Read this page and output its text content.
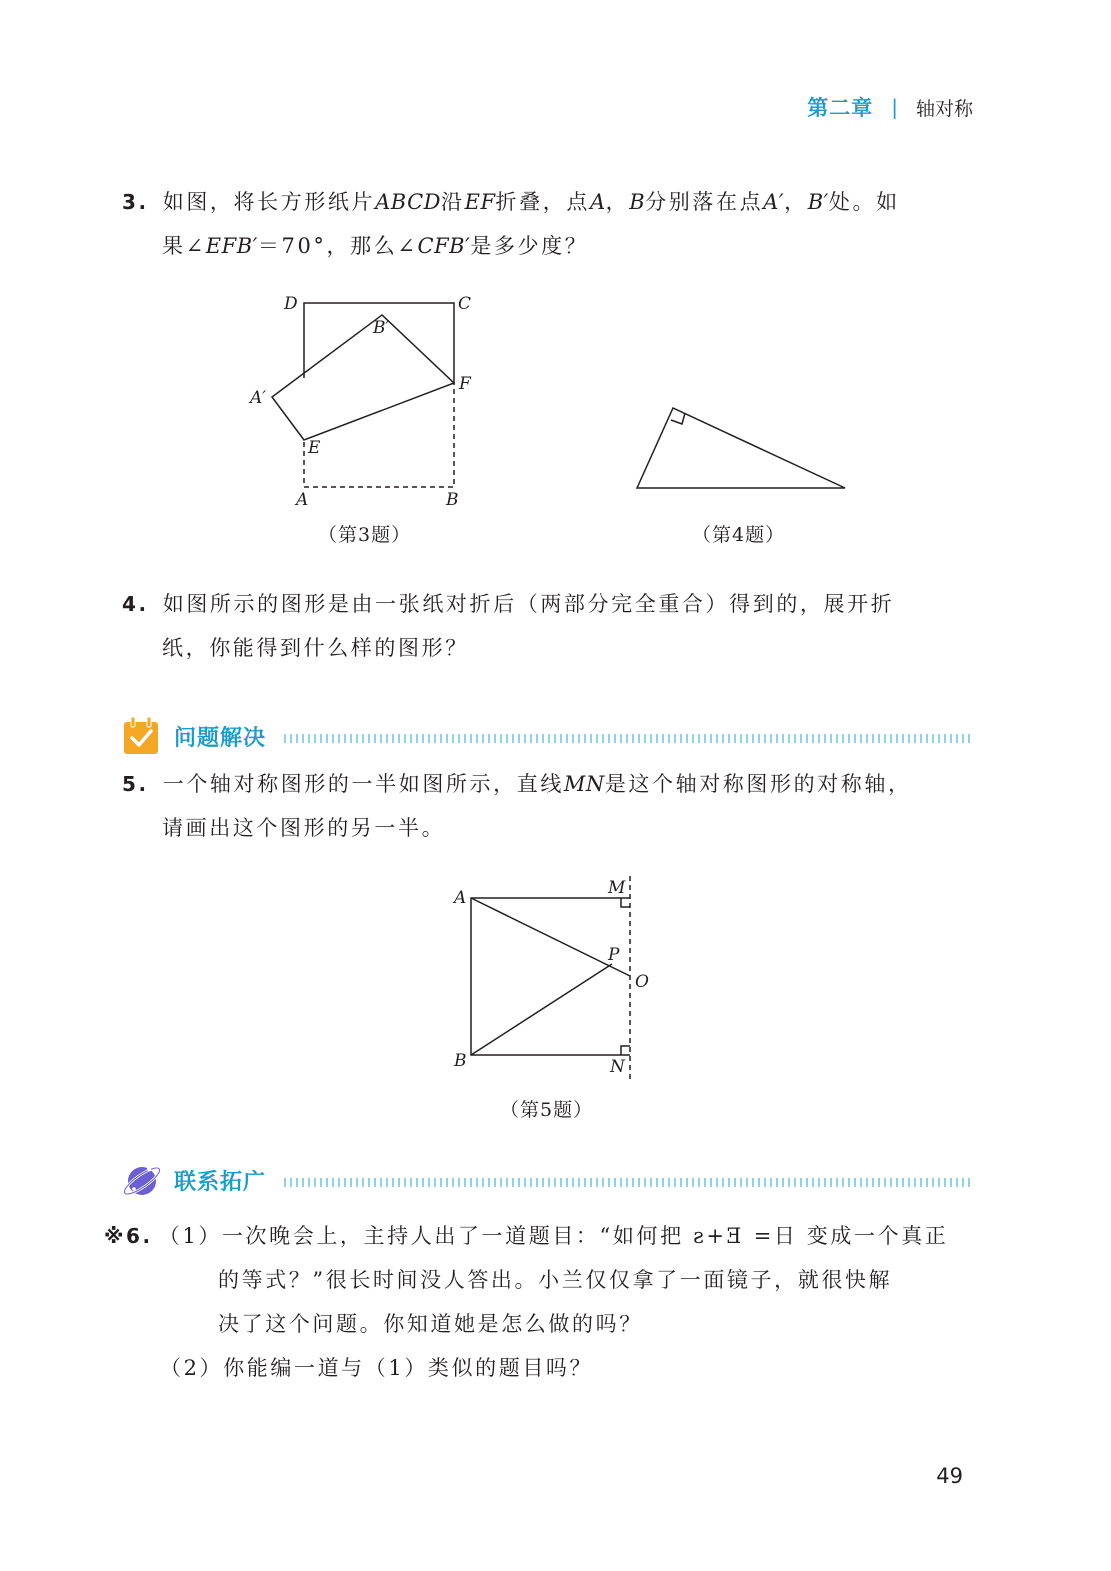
第二章 | 轴对称
3. 如图，将长方形纸片ABCD沿EF折叠，点A，B分别落在点A′，B′处。如
果∠EFB′＝70°，那么∠CFB′是多少度？
D	C
B′
A′
F
E
A	B
（第3题）	（第4题）
4. 如图所示的图形是由一张纸对折后（两部分完全重合）得到的，展开折
纸，你能得到什么样的图形？
问题解决
5. 一个轴对称图形的一半如图所示，直线MN是这个轴对称图形的对称轴，
请画出这个图形的另一半。
A	M
P
O
B	N
（第5题）
联系拓广
※6. （1）一次晚会上，主持人出了一道题目：“如何把 ꙅ+Ǝ =日 变成一个真正
的等式？”很长时间没人答出。小兰仅仅拿了一面镜子，就很快解
决了这个问题。你知道她是怎么做的吗？
（2）你能编一道与（1）类似的题目吗？
49
